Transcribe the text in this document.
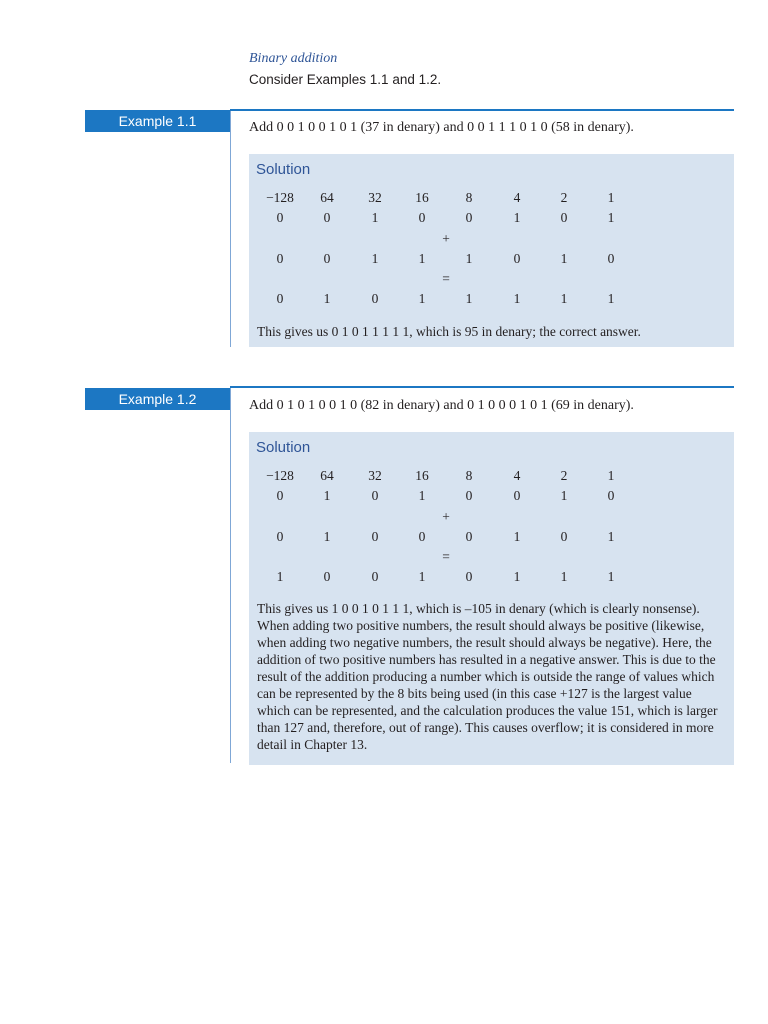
Binary addition
Consider Examples 1.1 and 1.2.
Example 1.1	Add 0 0 1 0 0 1 0 1 (37 in denary) and 0 0 1 1 1 0 1 0 (58 in denary).
Solution
−128	64	32	16	8	4	2	1
0	0	1	0	0	1	0	1
0	0	1	1	1	0	1	0
0	1	0	1	1	1	1	1
+
=
This gives us 0 1 0 1 1 1 1 1, which is 95 in denary; the correct answer.
Example 1.2	Add 0 1 0 1 0 0 1 0 (82 in denary) and 0 1 0 0 0 1 0 1 (69 in denary).
Solution
−128	64	32	16	8	4	2	1
0	1	0	1	0	0	1	0
0	1	0	0	0	1	0	1
1	0	0	1	0	1	1	1
+
=
This gives us 1 0 0 1 0 1 1 1, which is –105 in denary (which is clearly nonsense). When adding two positive numbers, the result should always be positive (likewise, when adding two negative numbers, the result should always be negative). Here, the addition of two positive numbers has resulted in a negative answer. This is due to the result of the addition producing a number which is outside the range of values which can be represented by the 8 bits being used (in this case +127 is the largest value which can be represented, and the calculation produces the value 151, which is larger than 127 and, therefore, out of range). This causes overflow; it is considered in more detail in Chapter 13.
